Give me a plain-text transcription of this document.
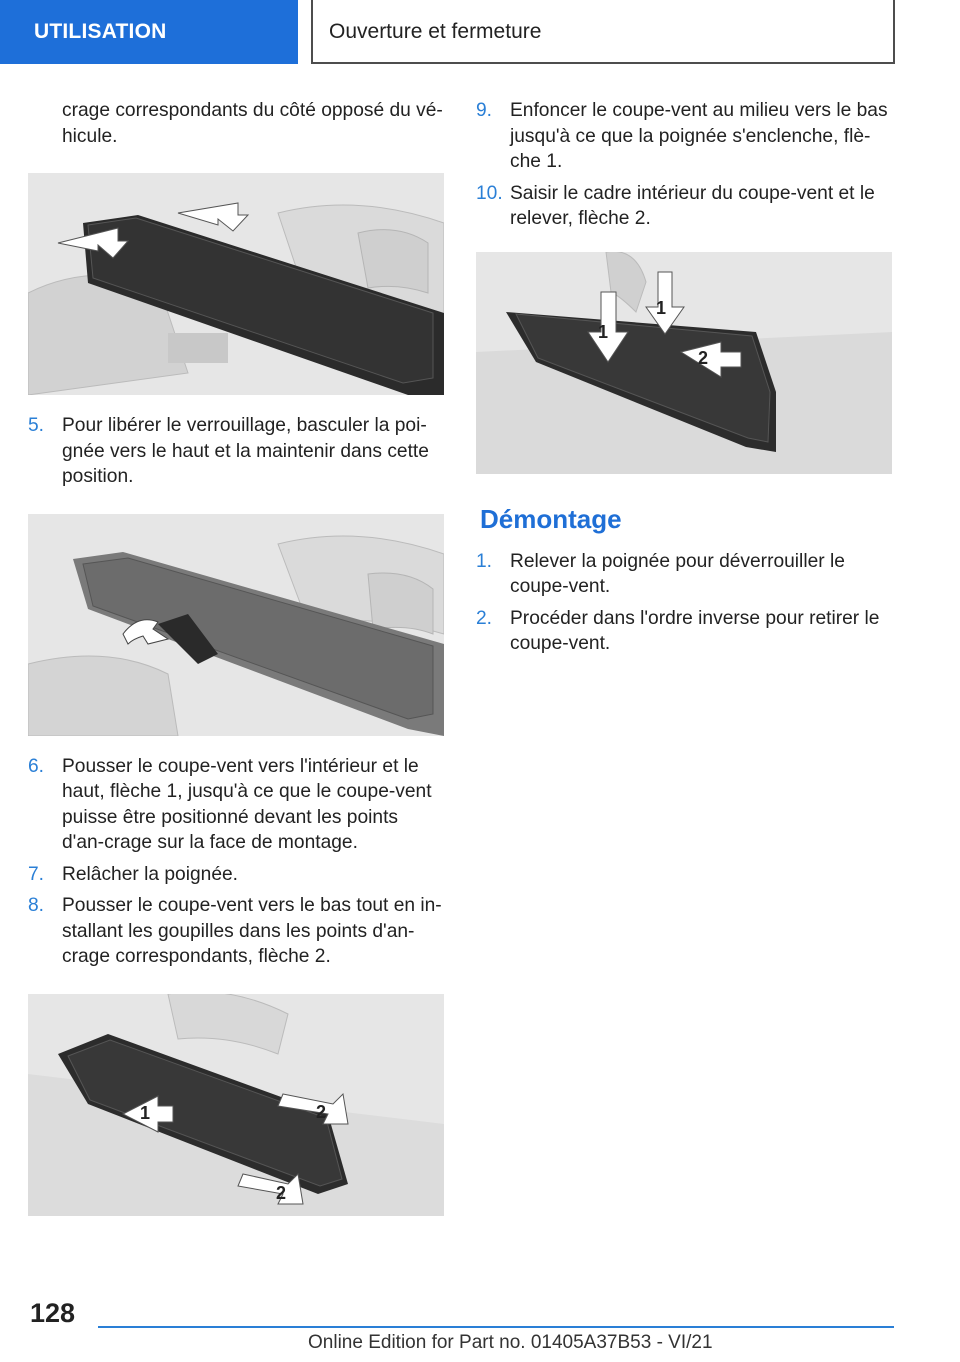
UTILISATION	Ouverture et fermeture

crage correspondants du côté opposé du vé-hicule.

5. Pour libérer le verrouillage, basculer la poi-gnée vers le haut et la maintenir dans cette position.
6. Pousser le coupe-vent vers l'intérieur et le haut, flèche 1, jusqu'à ce que le coupe-vent puisse être positionné devant les points d'an-crage sur la face de montage.
7. Relâcher la poignée.
8. Pousser le coupe-vent vers le bas tout en in-stallant les goupilles dans les points d'an-crage correspondants, flèche 2.
1	2
2
9. Enfoncer le coupe-vent au milieu vers le bas jusqu'à ce que la poignée s'enclenche, flè-che 1.
10. Saisir le cadre intérieur du coupe-vent et le relever, flèche 2.
1
1
2
Démontage
1. Relever la poignée pour déverrouiller le coupe-vent.
2. Procéder dans l'ordre inverse pour retirer le coupe-vent.
128
Online Edition for Part no. 01405A37B53 - VI/21
